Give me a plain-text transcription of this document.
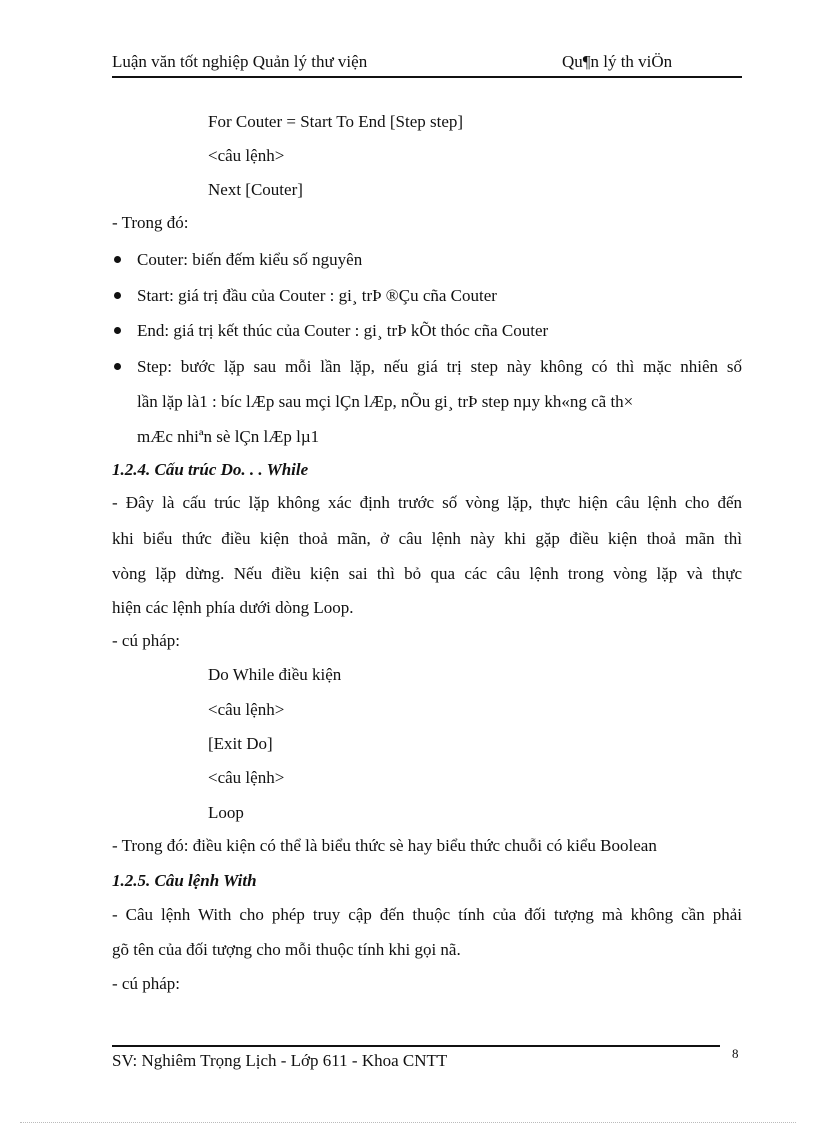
Luận văn tốt nghiệp Quản lý thư viện	Qu¶n lý th viÖn
For Couter = Start To End [Step step]
<câu lệnh>
Next [Couter]
- Trong đó:
Couter: biến đếm kiểu số nguyên
Start: giá trị đầu của Couter : gi¸ trÞ ®Çu cña Couter
End: giá trị kết thúc của Couter : gi¸ trÞ kÕt thóc cña Couter
Step: bước lặp sau mỗi lần lặp, nếu giá trị step này không có thì mặc nhiên số
lần lặp là1 : bíc lÆp sau mçi lÇn lÆp, nÕu gi¸ trÞ step nµy kh«ng cã th×
mÆc nhiªn sè lÇn lÆp lµ1
1.2.4. Cấu trúc Do. . . While
- Đây là cấu trúc lặp không xác định trước số vòng lặp, thực hiện câu lệnh cho đến
khi biểu thức điều kiện thoả mãn, ở câu lệnh này khi gặp điều kiện thoả mãn thì
vòng lặp dừng. Nếu điều kiện sai thì bỏ qua các câu lệnh trong vòng lặp và thực
hiện các lệnh phía dưới dòng Loop.
- cú pháp:
Do While điều kiện
<câu lệnh>
[Exit Do]
<câu lệnh>
Loop
- Trong đó: điều kiện có thể là biểu thức sè hay biểu thức chuỗi có kiểu Boolean
1.2.5. Câu lệnh With
- Câu lệnh With cho phép truy cập đến thuộc tính của đối tượng mà không cần phải
gõ tên của đối tượng cho mỗi thuộc tính khi gọi nã.
- cú pháp:
SV: Nghiêm Trọng Lịch - Lớp 611 - Khoa CNTT	8
